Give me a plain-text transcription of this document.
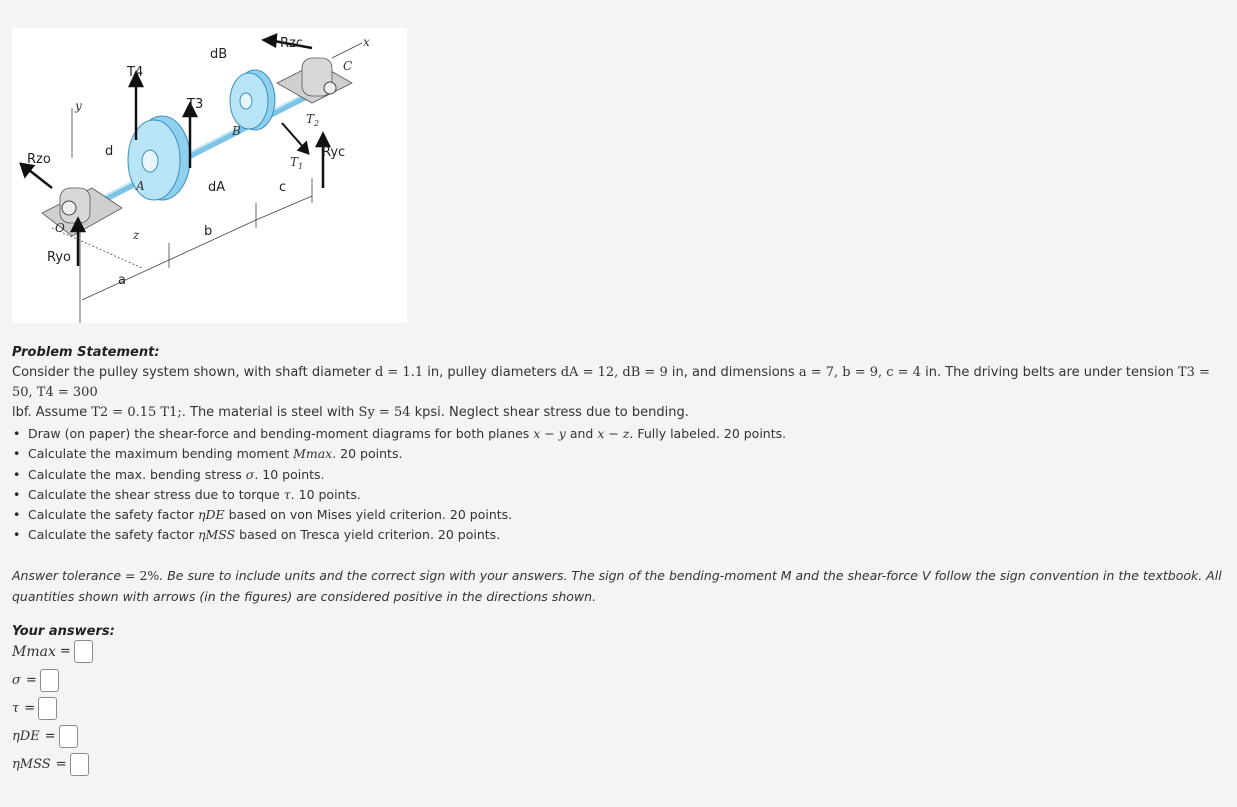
dB
Rzc	x
C
T4
T3
y
$T_2$
B
d	Ryc
Rzo	$T_1$
A	dA	c
O	z	b
Ryo
a
Problem Statement:
Consider the pulley system shown, with shaft diameter d = 1.1 in, pulley diameters dA = 12, dB = 9 in, and dimensions a = 7, b = 9, c = 4 in. The driving belts are under tension T3 = 50, T4 = 300
lbf. Assume T2 = 0.15 T1;. The material is steel with Sy = 54 kpsi. Neglect shear stress due to bending.
• Draw (on paper) the shear-force and bending-moment diagrams for both planes x − y and x − z. Fully labeled. 20 points.
• Calculate the maximum bending moment Mmax. 20 points.
• Calculate the max. bending stress σ. 10 points.
• Calculate the shear stress due to torque τ. 10 points.
• Calculate the safety factor ηDE based on von Mises yield criterion. 20 points.
• Calculate the safety factor ηMSS based on Tresca yield criterion. 20 points.
Answer tolerance = 2%. Be sure to include units and the correct sign with your answers. The sign of the bending-moment M and the shear-force V follow the sign convention in the textbook. All quantities shown with arrows (in the figures) are considered positive in the directions shown.
Your answers:
Mmax =
σ =
τ =
ηDE =
ηMSS =
